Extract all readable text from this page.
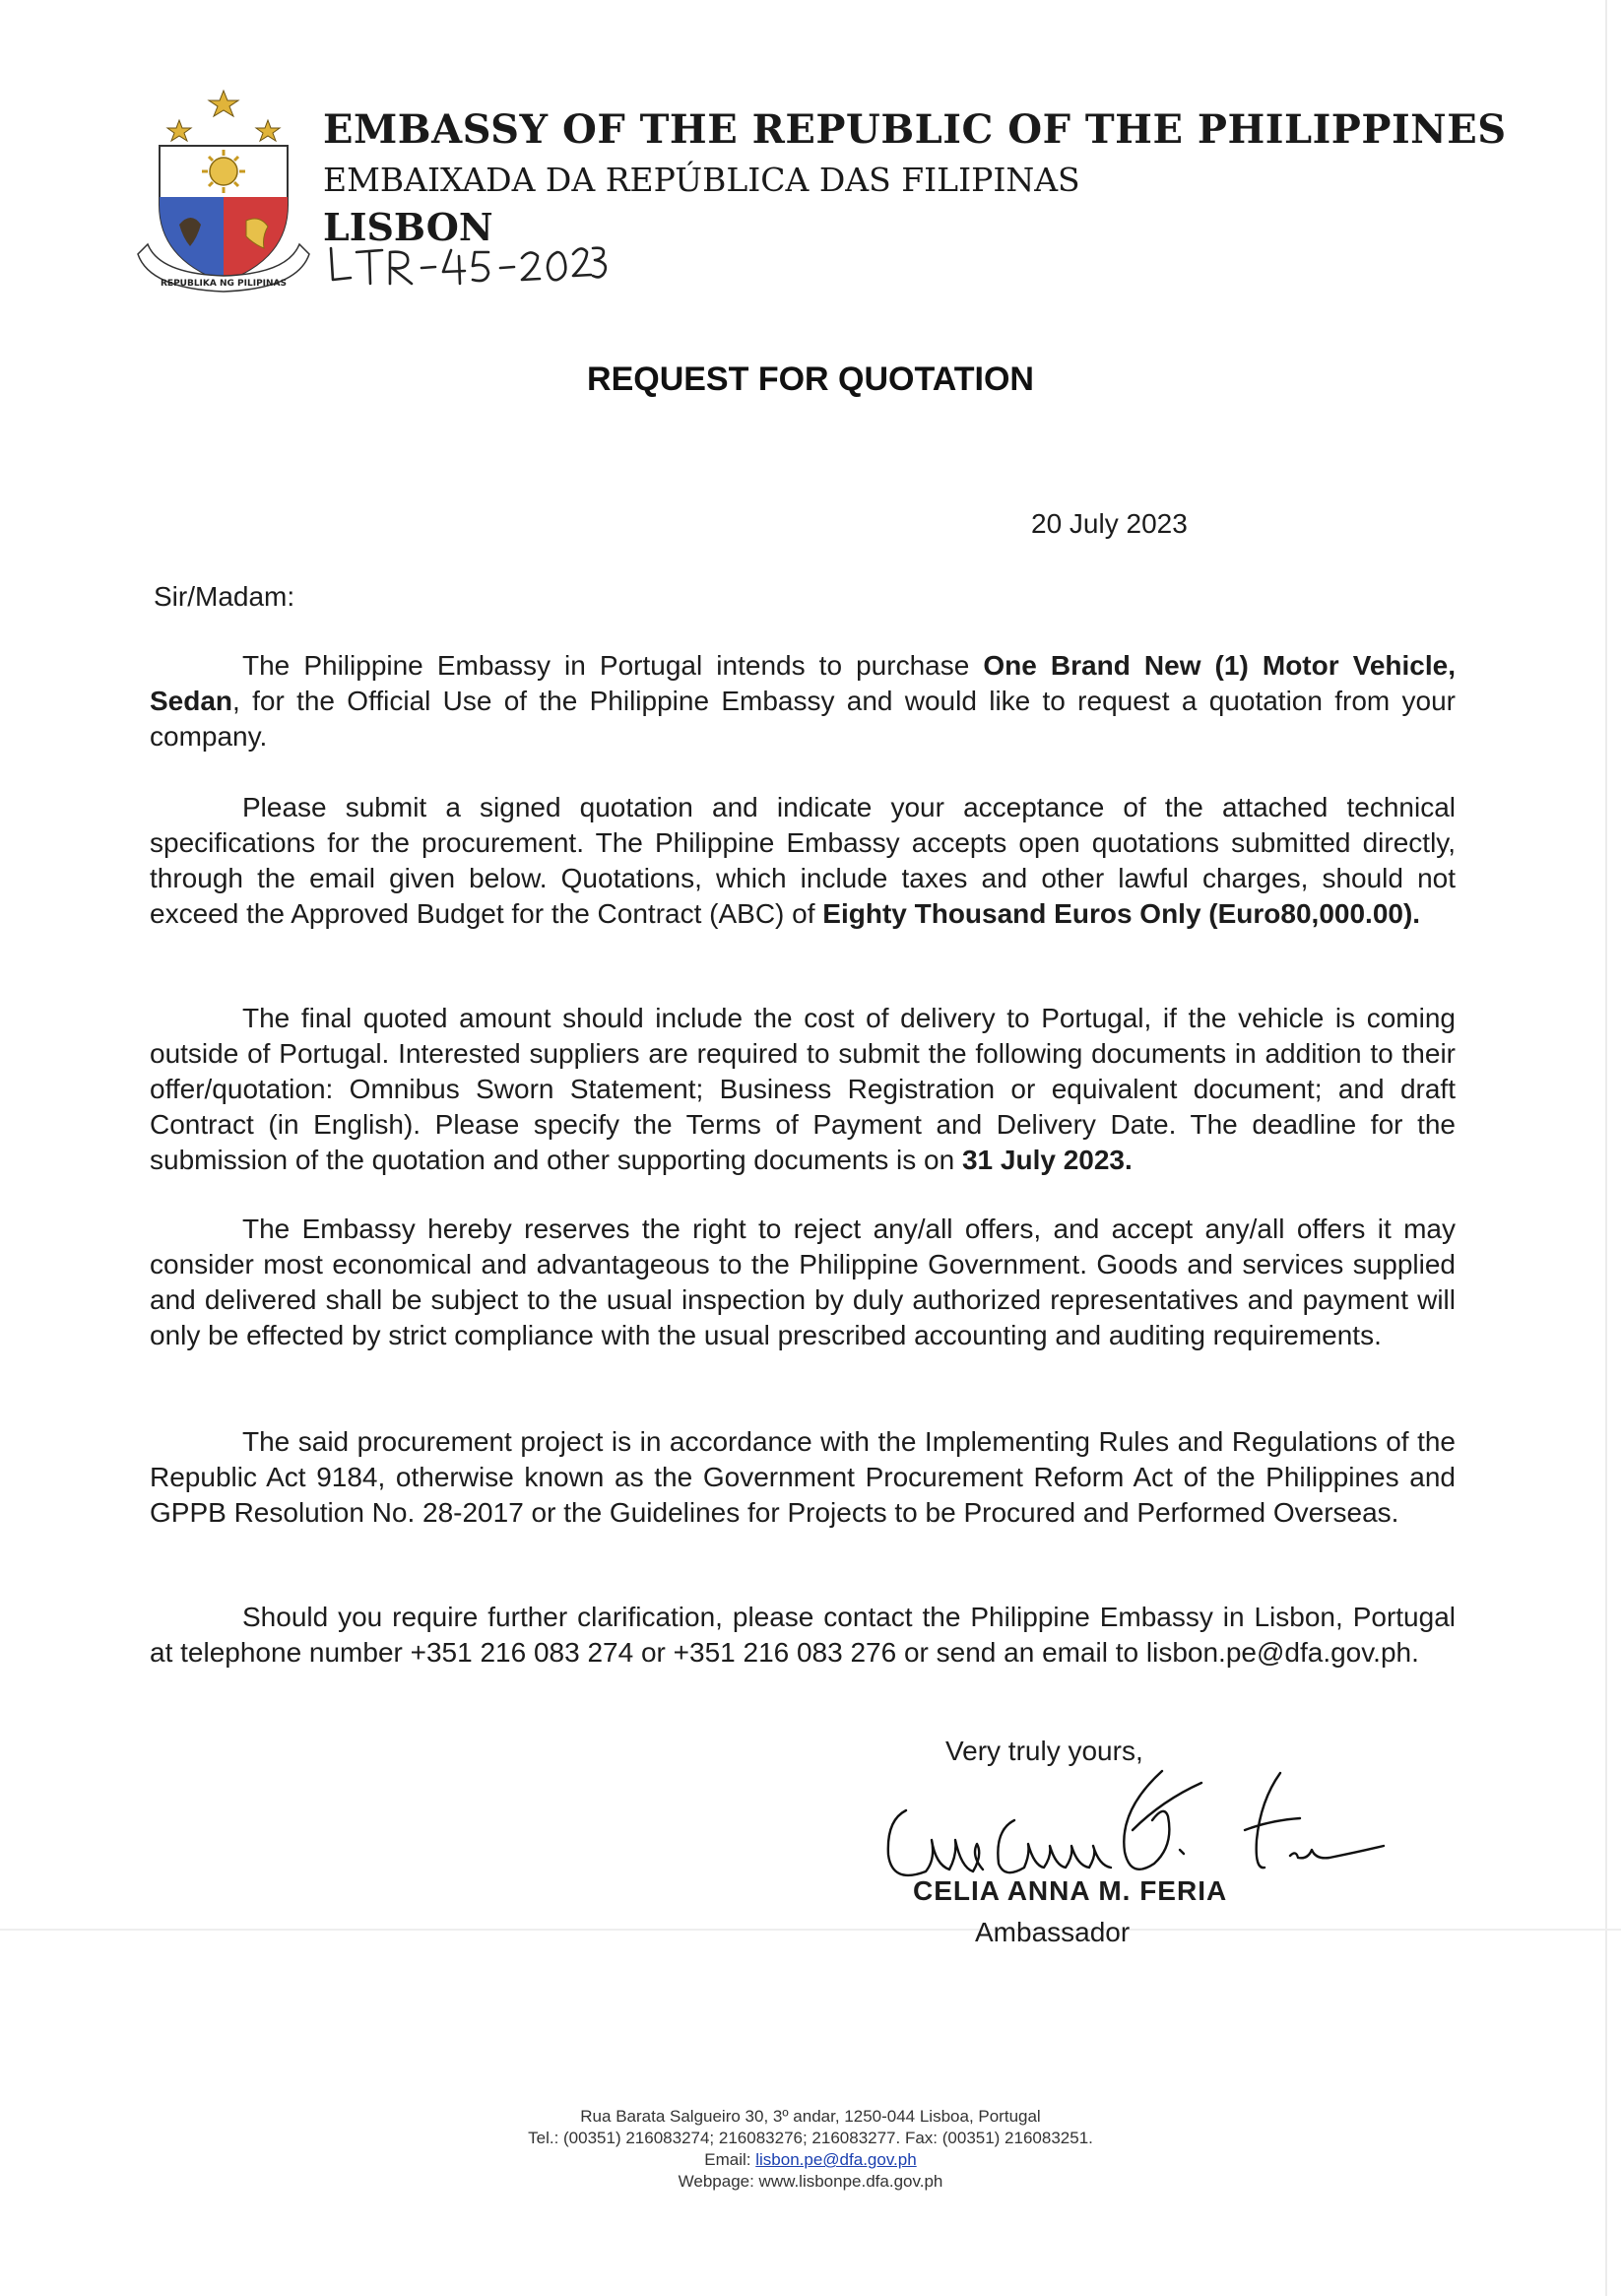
REPUBLIKA NG PILIPINAS
EMBASSY OF THE REPUBLIC OF THE PHILIPPINES
EMBAIXADA DA REPÚBLICA DAS FILIPINAS
LISBON
REQUEST FOR QUOTATION
20 July 2023
Sir/Madam:
The Philippine Embassy in Portugal intends to purchase One Brand New (1) Motor Vehicle, Sedan, for the Official Use of the Philippine Embassy and would like to request a quotation from your company.
Please submit a signed quotation and indicate your acceptance of the attached technical specifications for the procurement. The Philippine Embassy accepts open quotations submitted directly, through the email given below. Quotations, which include taxes and other lawful charges, should not exceed the Approved Budget for the Contract (ABC) of Eighty Thousand Euros Only (Euro80,000.00).
The final quoted amount should include the cost of delivery to Portugal, if the vehicle is coming outside of Portugal. Interested suppliers are required to submit the following documents in addition to their offer/quotation: Omnibus Sworn Statement; Business Registration or equivalent document; and draft Contract (in English). Please specify the Terms of Payment and Delivery Date. The deadline for the submission of the quotation and other supporting documents is on 31 July 2023.
The Embassy hereby reserves the right to reject any/all offers, and accept any/all offers it may consider most economical and advantageous to the Philippine Government. Goods and services supplied and delivered shall be subject to the usual inspection by duly authorized representatives and payment will only be effected by strict compliance with the usual prescribed accounting and auditing requirements.
The said procurement project is in accordance with the Implementing Rules and Regulations of the Republic Act 9184, otherwise known as the Government Procurement Reform Act of the Philippines and GPPB Resolution No. 28-2017 or the Guidelines for Projects to be Procured and Performed Overseas.
Should you require further clarification, please contact the Philippine Embassy in Lisbon, Portugal at telephone number +351 216 083 274 or +351 216 083 276 or send an email to lisbon.pe@dfa.gov.ph.
Very truly yours,
CELIA ANNA M. FERIA
Ambassador
Rua Barata Salgueiro 30, 3º andar, 1250-044 Lisboa, Portugal
Tel.: (00351) 216083274; 216083276; 216083277. Fax: (00351) 216083251.
Email: lisbon.pe@dfa.gov.ph
Webpage: www.lisbonpe.dfa.gov.ph
